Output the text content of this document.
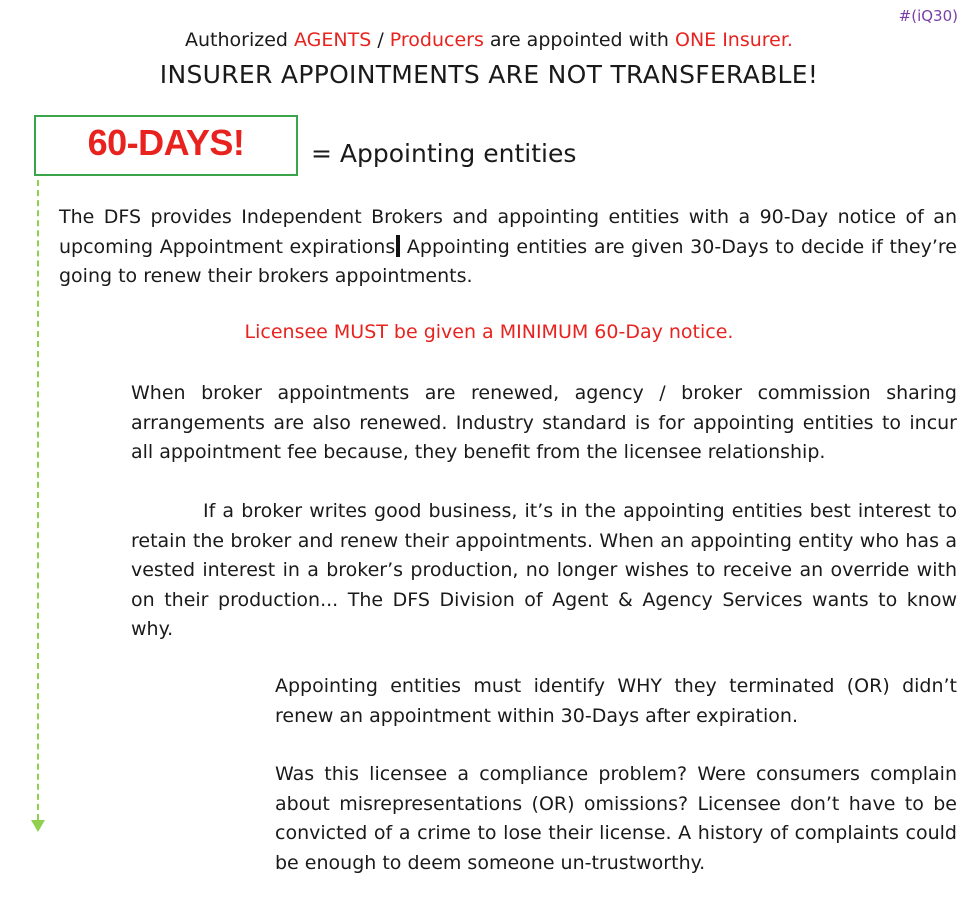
#(iQ30)
Authorized AGENTS / Producers are appointed with ONE Insurer.
INSURER APPOINTMENTS ARE NOT TRANSFERABLE!
60-DAYS!	= Appointing entities

The DFS provides Independent Brokers and appointing entities with a 90-Day notice of an upcoming Appointment expirations Appointing entities are given 30-Days to decide if they’re going to renew their brokers appointments.

Licensee MUST be given a MINIMUM 60-Day notice.

When broker appointments are renewed, agency / broker commission sharing arrangements are also renewed. Industry standard is for appointing entities to incur all appointment fee because, they benefit from the licensee relationship.

If a broker writes good business, it’s in the appointing entities best interest to retain the broker and renew their appointments. When an appointing entity who has a vested interest in a broker’s production, no longer wishes to receive an override with on their production... The DFS Division of Agent & Agency Services wants to know why.

Appointing entities must identify WHY they terminated (OR) didn’t renew an appointment within 30-Days after expiration.

Was this licensee a compliance problem? Were consumers complain about misrepresentations (OR) omissions? Licensee don’t have to be convicted of a crime to lose their license. A history of complaints could be enough to deem someone un-trustworthy.
